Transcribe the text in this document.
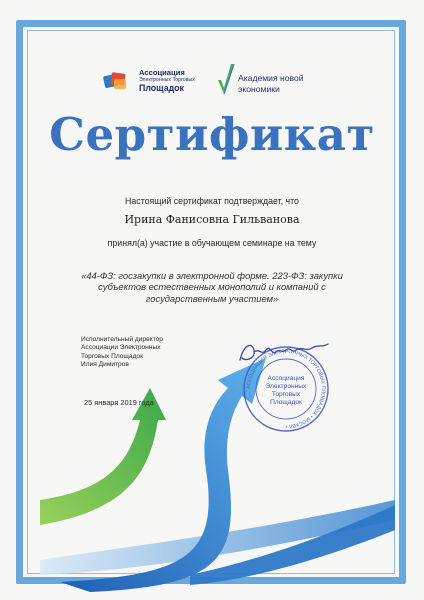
Ассоциация
Электронных Торговых
Площадок
Академия новой
экономики
Сертификат
Настоящий сертификат подтверждает, что
Ирина Фанисовна Гильванова
принял(а) участие в обучающем семинаре на тему
«44-ФЗ: госзакупки в электронной форме. 223-ФЗ: закупки субъектов естественных монополий и компаний с государственным участием»
Исполнительный директор
Ассоциации Электронных
Торговых Площадок
Илия Димитров
25 января 2019 года
АССОЦИАЦИЯ ЭЛЕКТРОННЫХ ТОРГОВЫХ ПЛОЩАДОК • МОСКВА •
Ассоциация
Электронных
Торговых
Площадок
